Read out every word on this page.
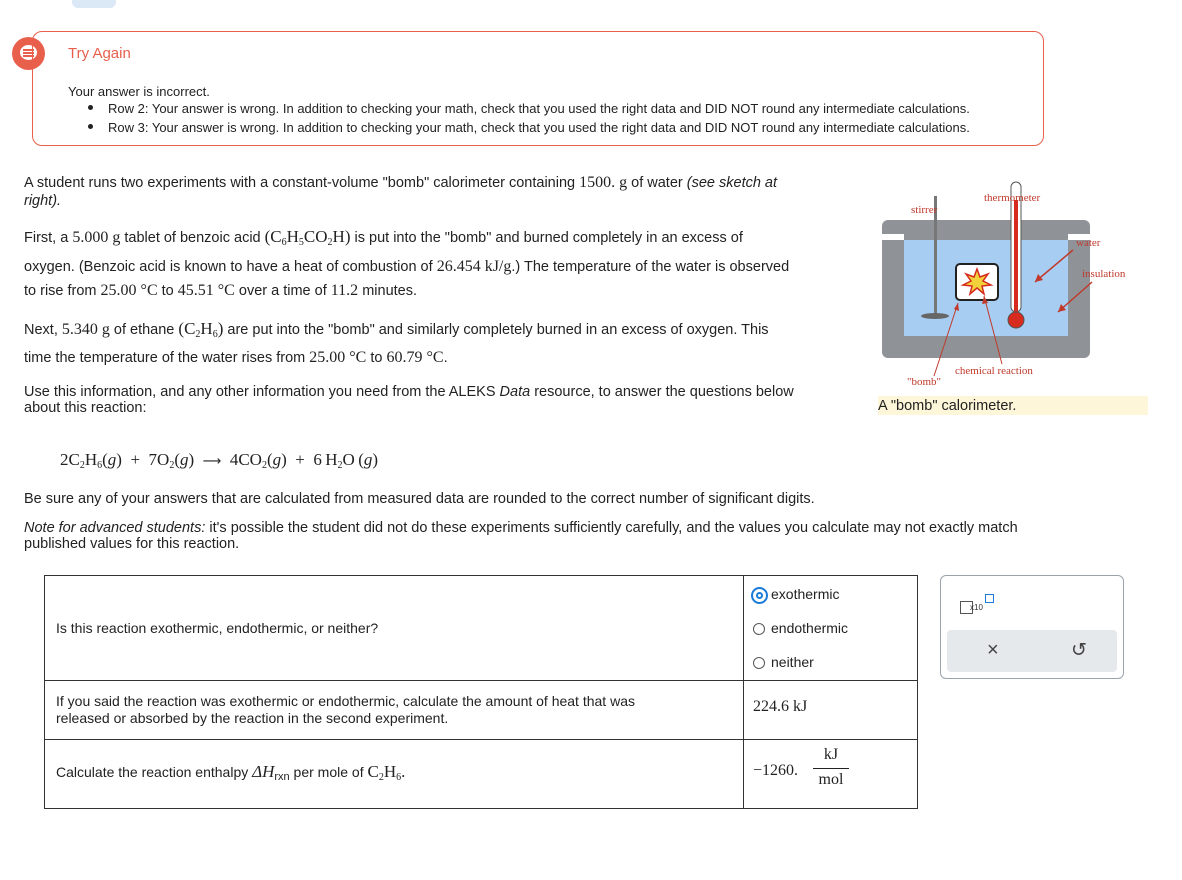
Try Again
Your answer is incorrect.
Row 2: Your answer is wrong. In addition to checking your math, check that you used the right data and DID NOT round any intermediate calculations.
Row 3: Your answer is wrong. In addition to checking your math, check that you used the right data and DID NOT round any intermediate calculations.
A student runs two experiments with a constant-volume "bomb" calorimeter containing 1500. g of water (see sketch at
right).
First, a 5.000 g tablet of benzoic acid $(C_6H_5CO_2H)$ is put into the "bomb" and burned completely in an excess of
oxygen. (Benzoic acid is known to have a heat of combustion of 26.454 kJ/g.) The temperature of the water is observed
to rise from 25.00 °C to 45.51 °C over a time of 11.2 minutes.
Next, 5.340 g of ethane $(C_2H_6)$ are put into the "bomb" and similarly completely burned in an excess of oxygen. This
time the temperature of the water rises from 25.00 °C to 60.79 °C.
Use this information, and any other information you need from the ALEKS Data resource, to answer the questions below
about this reaction:
$2C_2H_6(g) + 7O_2(g)$  ⟶  $4CO_2(g) + 6$ $H_2O$ (g)
Be sure any of your answers that are calculated from measured data are rounded to the correct number of significant digits.
Note for advanced students: it's possible the student did not do these experiments sufficiently carefully, and the values you calculate may not exactly match
published values for this reaction.
stirrer
thermometer
water
insulation
"bomb"
chemical reaction
A "bomb" calorimeter.
Is this reaction exothermic, endothermic, or neither?
exothermic
endothermic
neither
If you said the reaction was exothermic or endothermic, calculate the amount of heat that was
released or absorbed by the reaction in the second experiment.
224.6 kJ
Calculate the reaction enthalpy $\Delta H_{rxn}$ per mole of $C_2H_6$.	−1260.
kJ
mol
x10
×	↺
